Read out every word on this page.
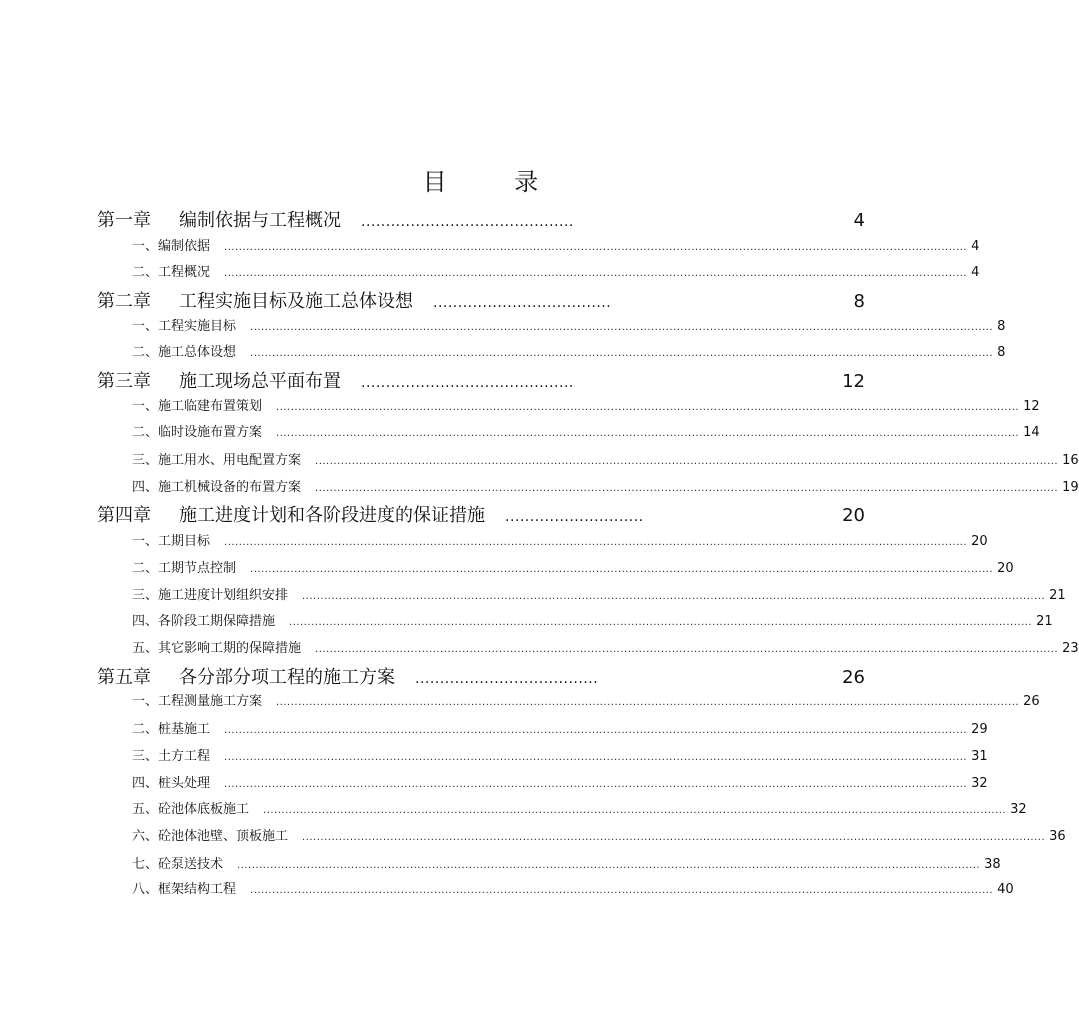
目 录
第一章 编制依据与工程概况 ...........................................	4
一、编制依据 .......................................................................................................................................................................................................... 4
二、工程概况 .......................................................................................................................................................................................................... 4
第二章 工程实施目标及施工总体设想 ....................................	8
一、工程实施目标 .......................................................................................................................................................................................................... 8
二、施工总体设想 .......................................................................................................................................................................................................... 8
第三章 施工现场总平面布置 ...........................................	12
一、施工临建布置策划 .......................................................................................................................................................................................................... 12
二、临时设施布置方案 .......................................................................................................................................................................................................... 14
三、施工用水、用电配置方案 .......................................................................................................................................................................................................... 16
四、施工机械设备的布置方案 .......................................................................................................................................................................................................... 19
第四章 施工进度计划和各阶段进度的保证措施 ............................	20
一、工期目标 .......................................................................................................................................................................................................... 20
二、工期节点控制 .......................................................................................................................................................................................................... 20
三、施工进度计划组织安排 .......................................................................................................................................................................................................... 21
四、各阶段工期保障措施 .......................................................................................................................................................................................................... 21
五、其它影响工期的保障措施 .......................................................................................................................................................................................................... 23
第五章 各分部分项工程的施工方案 .....................................	26
一、工程测量施工方案 .......................................................................................................................................................................................................... 26
二、桩基施工 .......................................................................................................................................................................................................... 29
三、土方工程 .......................................................................................................................................................................................................... 31
四、桩头处理 .......................................................................................................................................................................................................... 32
五、砼池体底板施工 .......................................................................................................................................................................................................... 32
六、砼池体池壁、顶板施工 .......................................................................................................................................................................................................... 36
七、砼泵送技术 .......................................................................................................................................................................................................... 38
八、框架结构工程 .......................................................................................................................................................................................................... 40
